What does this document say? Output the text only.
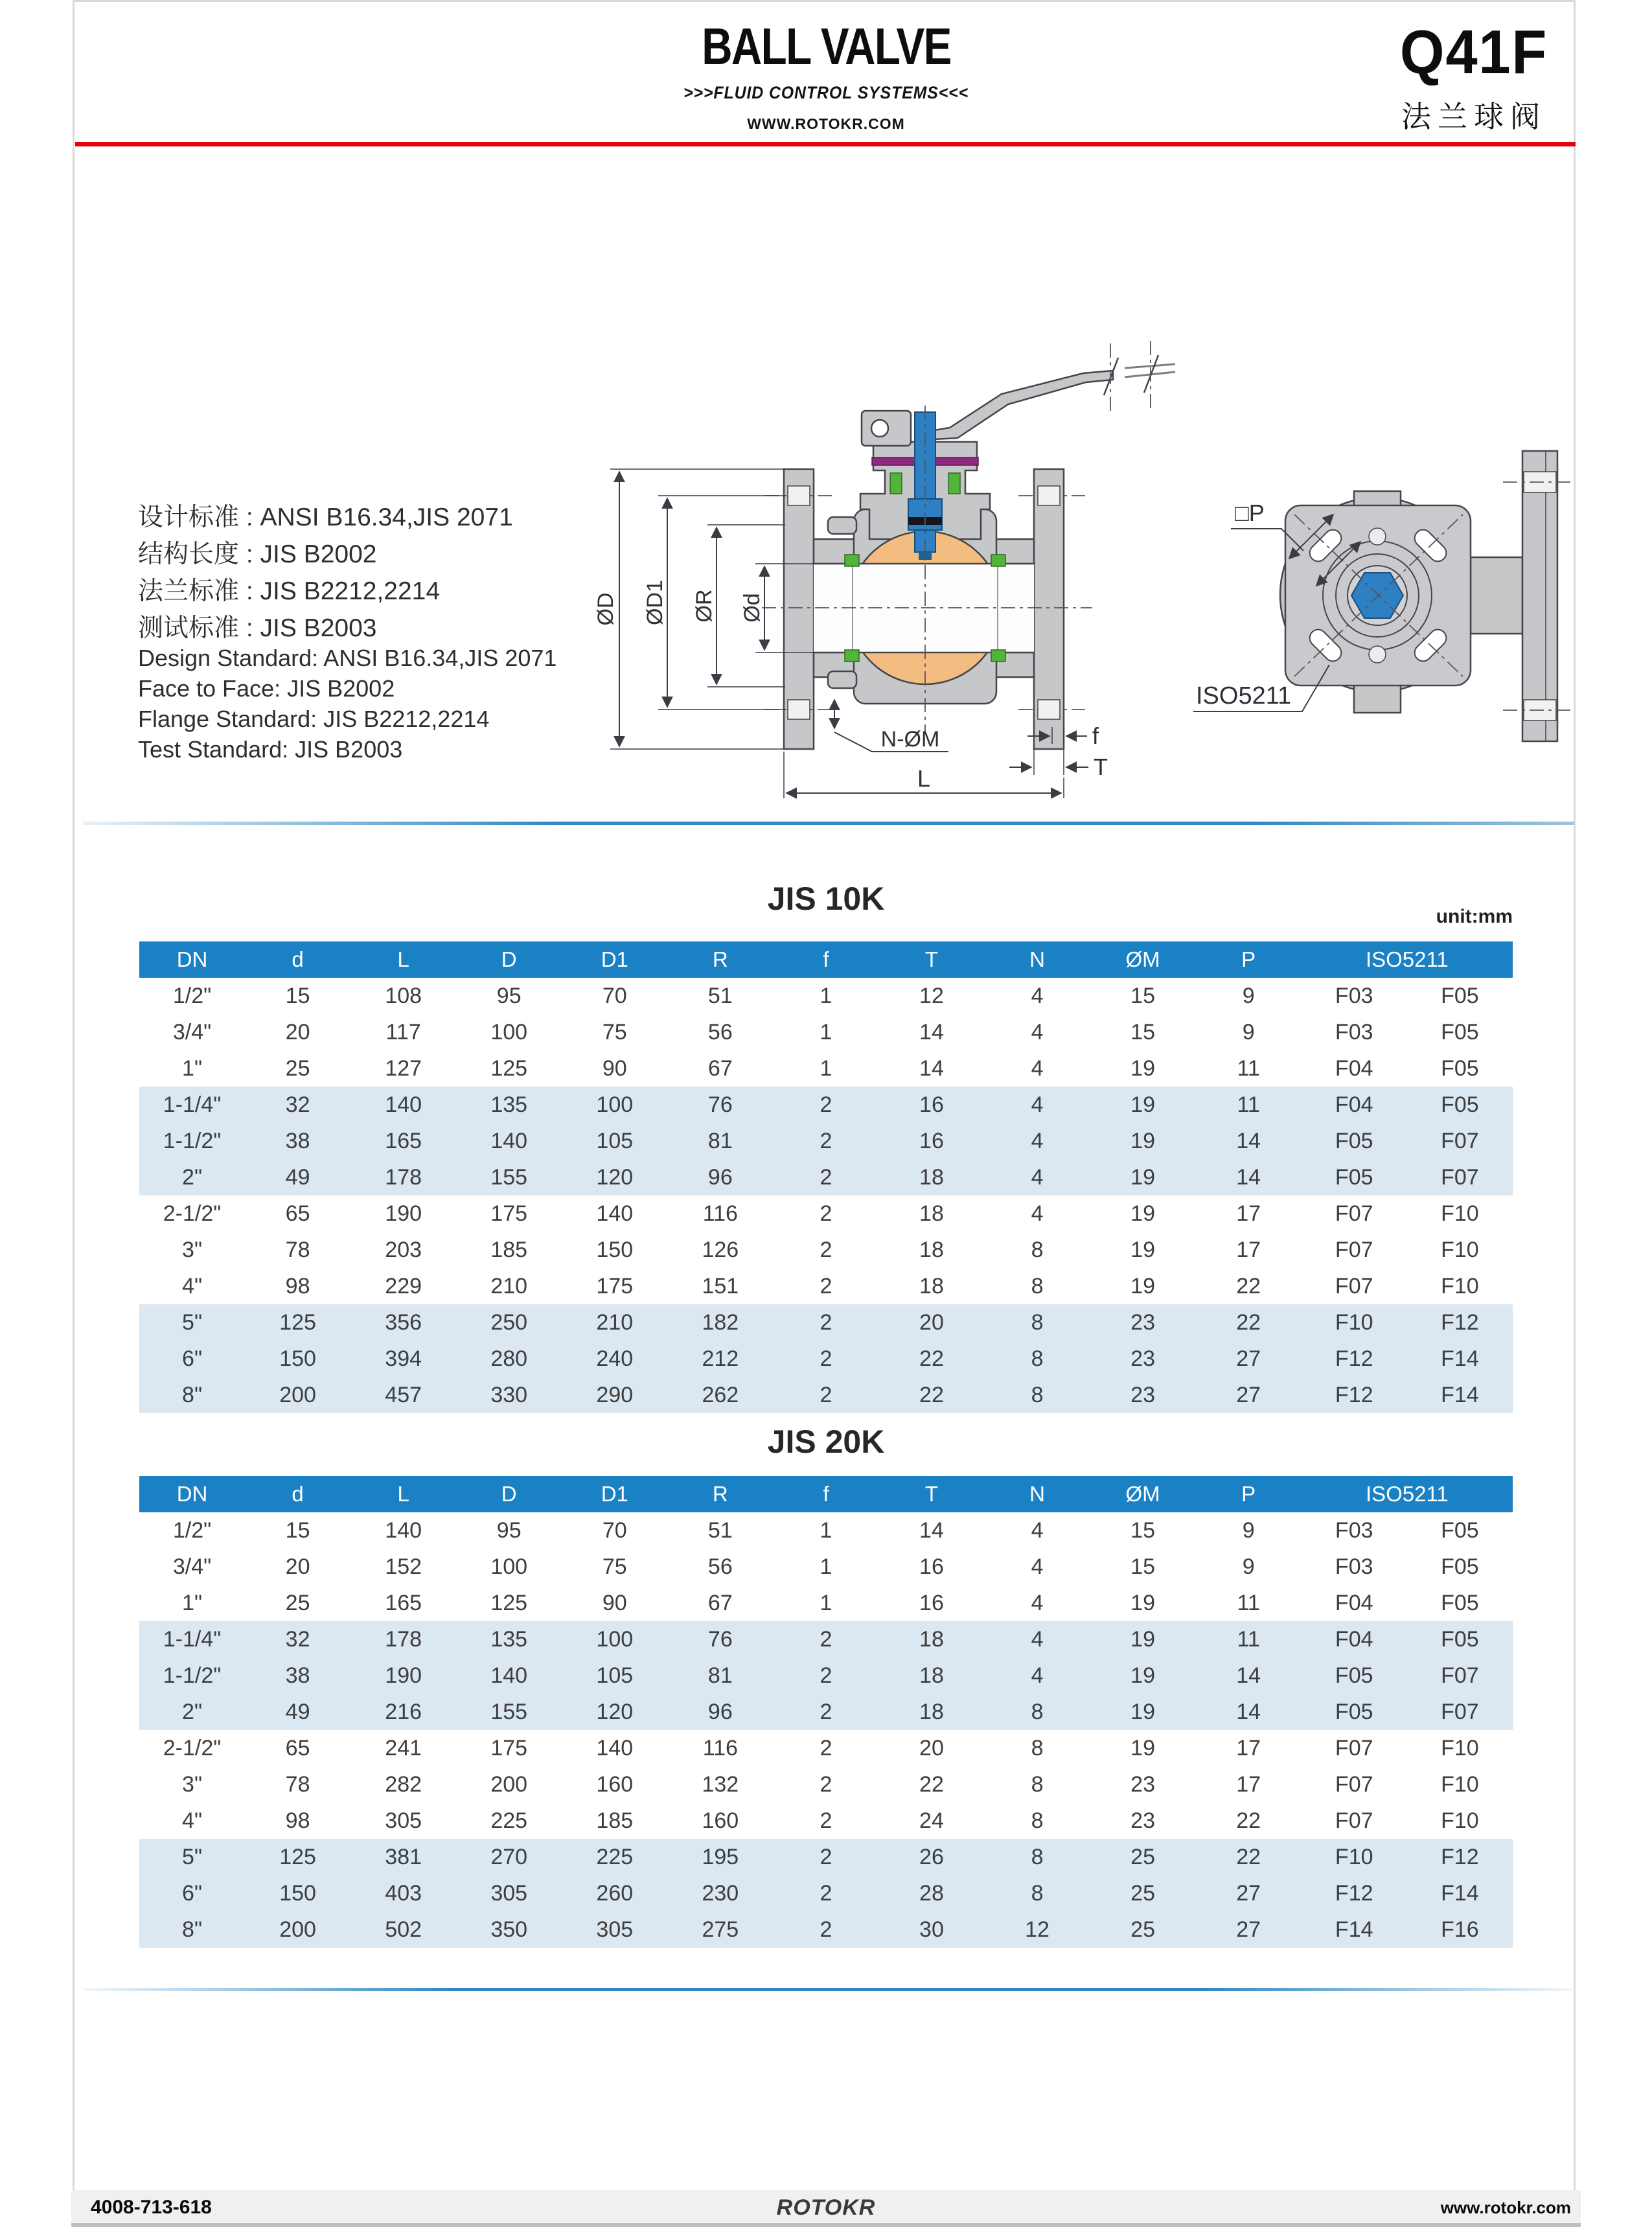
BALL VALVE
>>>FLUID CONTROL SYSTEMS<<<
WWW.ROTOKR.COM
Q41F
法兰球阀
设计标准 : ANSI B16.34,JIS 2071
结构长度 : JIS B2002
法兰标准 : JIS B2212,2214
测试标准 : JIS B2003
Design Standard: ANSI B16.34,JIS 2071
Face to Face: JIS B2002
Flange Standard: JIS B2212,2214
Test Standard: JIS B2003
ØD ØD1 ØR Ød
N-ØM	f
T
L
□P
ISO5211
JIS 10K	unit:mm
DN	d	L	D	D1	R	f	T	N	ØM	P	ISO5211	
1/2"	15	108	95	70	51	1	12	4	15	9	F03	F05
3/4"	20	117	100	75	56	1	14	4	15	9	F03	F05
1"	25	127	125	90	67	1	14	4	19	11	F04	F05
1-1/4"	32	140	135	100	76	2	16	4	19	11	F04	F05
1-1/2"	38	165	140	105	81	2	16	4	19	14	F05	F07
2"	49	178	155	120	96	2	18	4	19	14	F05	F07
2-1/2"	65	190	175	140	116	2	18	4	19	17	F07	F10
3"	78	203	185	150	126	2	18	8	19	17	F07	F10
4"	98	229	210	175	151	2	18	8	19	22	F07	F10
5"	125	356	250	210	182	2	20	8	23	22	F10	F12
6"	150	394	280	240	212	2	22	8	23	27	F12	F14
8"	200	457	330	290	262	2	22	8	23	27	F12	F14
JIS 20K
DN	d	L	D	D1	R	f	T	N	ØM	P	ISO5211	
1/2"	15	140	95	70	51	1	14	4	15	9	F03	F05
3/4"	20	152	100	75	56	1	16	4	15	9	F03	F05
1"	25	165	125	90	67	1	16	4	19	11	F04	F05
1-1/4"	32	178	135	100	76	2	18	4	19	11	F04	F05
1-1/2"	38	190	140	105	81	2	18	4	19	14	F05	F07
2"	49	216	155	120	96	2	18	8	19	14	F05	F07
2-1/2"	65	241	175	140	116	2	20	8	19	17	F07	F10
3"	78	282	200	160	132	2	22	8	23	17	F07	F10
4"	98	305	225	185	160	2	24	8	23	22	F07	F10
5"	125	381	270	225	195	2	26	8	25	22	F10	F12
6"	150	403	305	260	230	2	28	8	25	27	F12	F14
8"	200	502	350	305	275	2	30	12	25	27	F14	F16
4008-713-618	ROTOKR	www.rotokr.com
